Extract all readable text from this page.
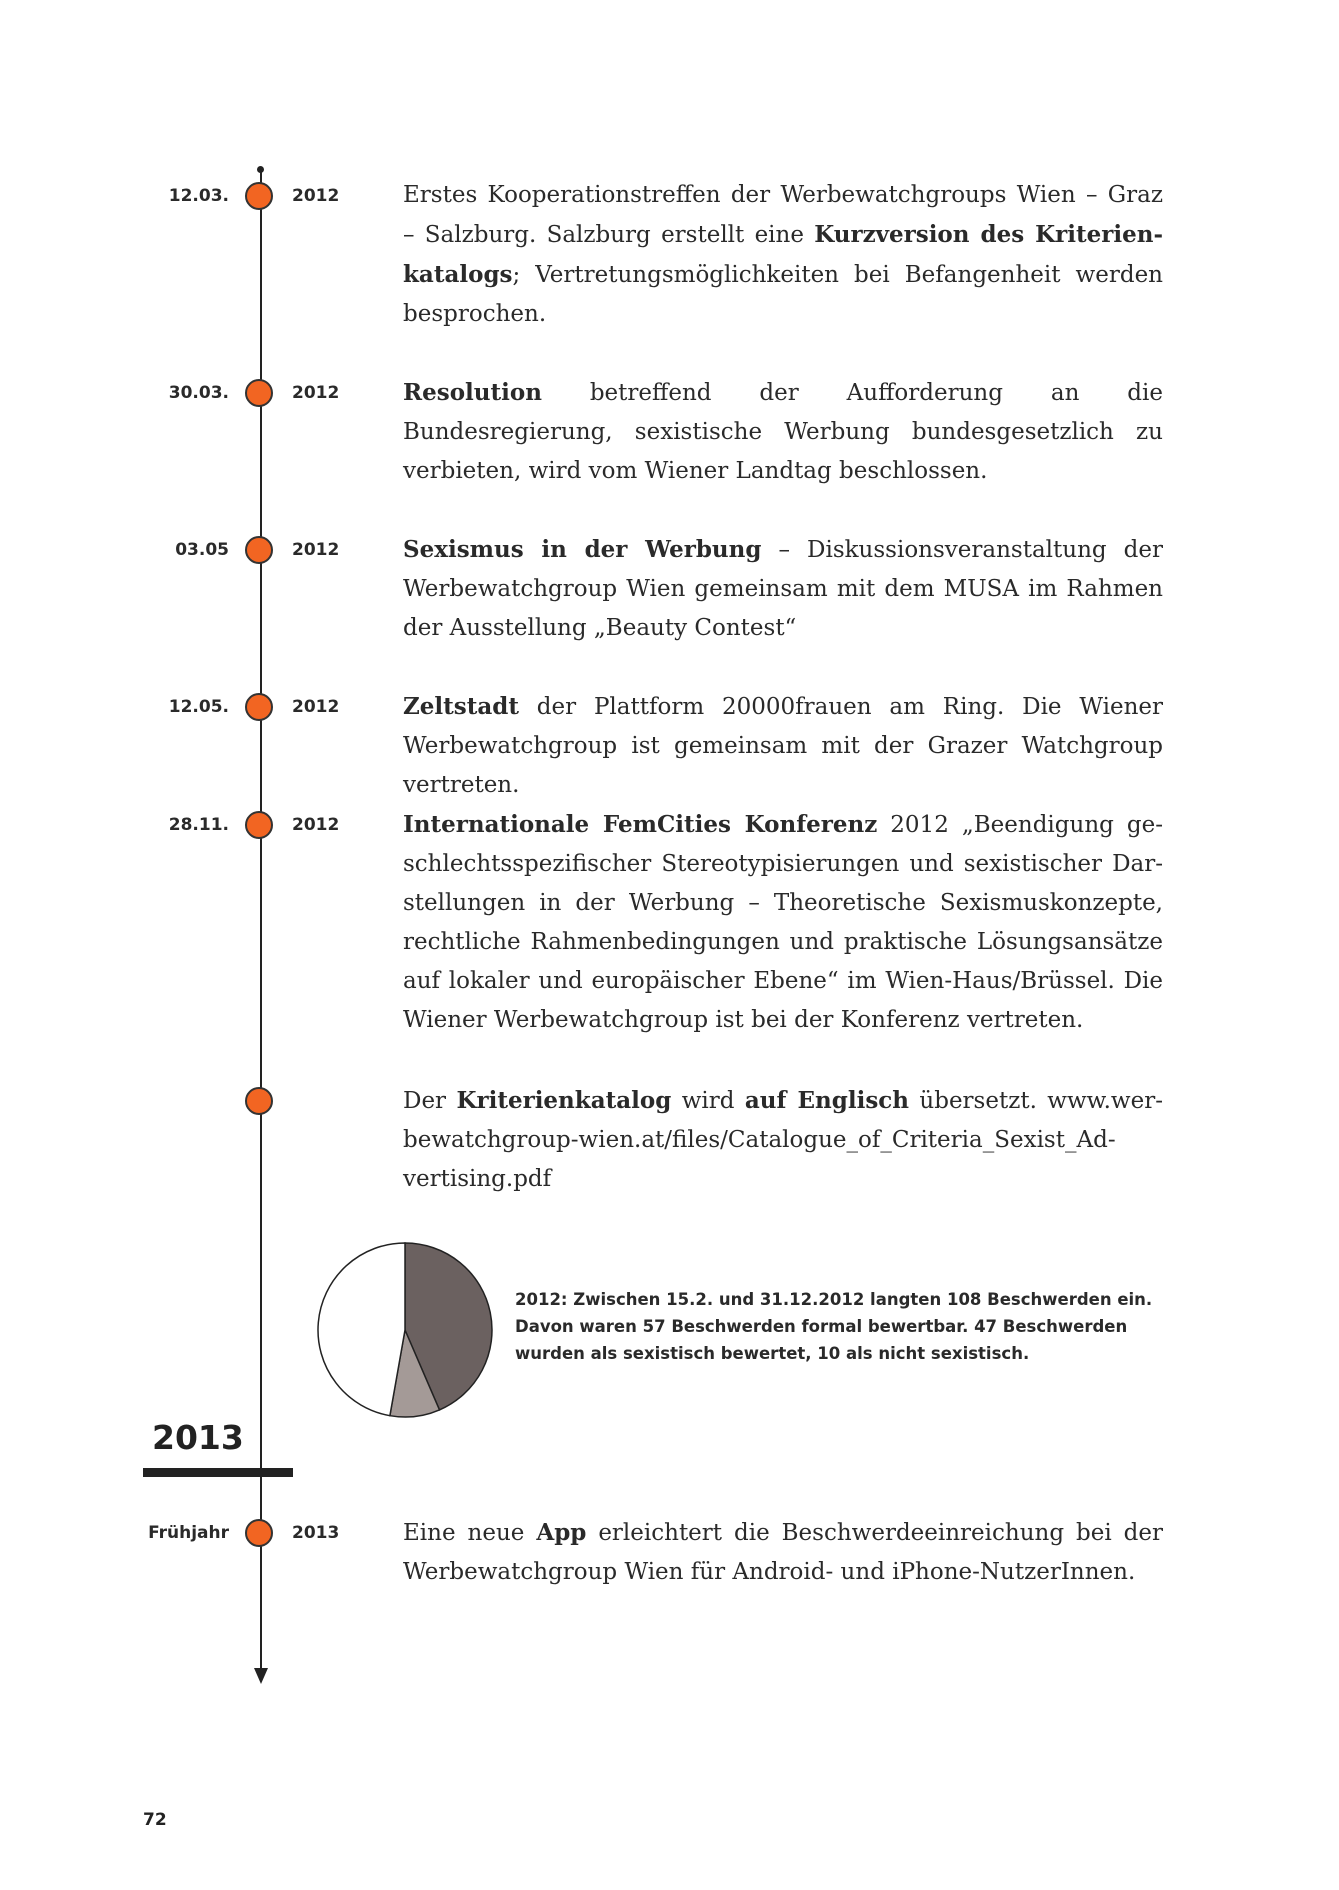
12.03.	2012	Erstes Kooperationstreffen der Werbewatchgroups Wien – Graz – Salzburg. Salzburg erstellt eine Kurzversion des Kriterienkatalogs; Vertretungsmöglichkeiten bei Befangenheit werden besprochen.
30.03.	2012	Resolution betreffend der Aufforderung an die Bundesregierung, sexistische Werbung bundesgesetzlich zu verbieten, wird vom Wiener Landtag beschlossen.
03.05	2012	Sexismus in der Werbung – Diskussionsveranstaltung der Werbewatchgroup Wien gemeinsam mit dem MUSA im Rahmen der Ausstellung „Beauty Contest“
12.05.	2012	Zeltstadt der Plattform 20000frauen am Ring. Die Wiener Werbewatchgroup ist gemeinsam mit der Grazer Watchgroup vertreten.
28.11.	2012	Internationale FemCities Konferenz 2012 „Beendigung geschlechtsspezifischer Stereotypisierungen und sexistischer Darstellungen in der Werbung – Theoretische Sexismuskonzepte, rechtliche Rahmenbedingungen und praktische Lösungsansätze auf lokaler und europäischer Ebene“ im Wien-Haus/Brüssel. Die Wiener Werbewatchgroup ist bei der Konferenz vertreten.
Der Kriterienkatalog wird auf Englisch übersetzt. www.werbewatchgroup-wien.at/files/Catalogue_of_Criteria_Sexist_Advertising.pdf
2012: Zwischen 15.2. und 31.12.2012 langten 108 Beschwerden ein. Davon waren 57 Beschwerden formal bewertbar. 47 Beschwerden wurden als sexistisch bewertet, 10 als nicht sexistisch.
2013
Frühjahr	2013	Eine neue App erleichtert die Beschwerdeeinreichung bei der Werbewatchgroup Wien für Android- und iPhone-NutzerInnen.
72
